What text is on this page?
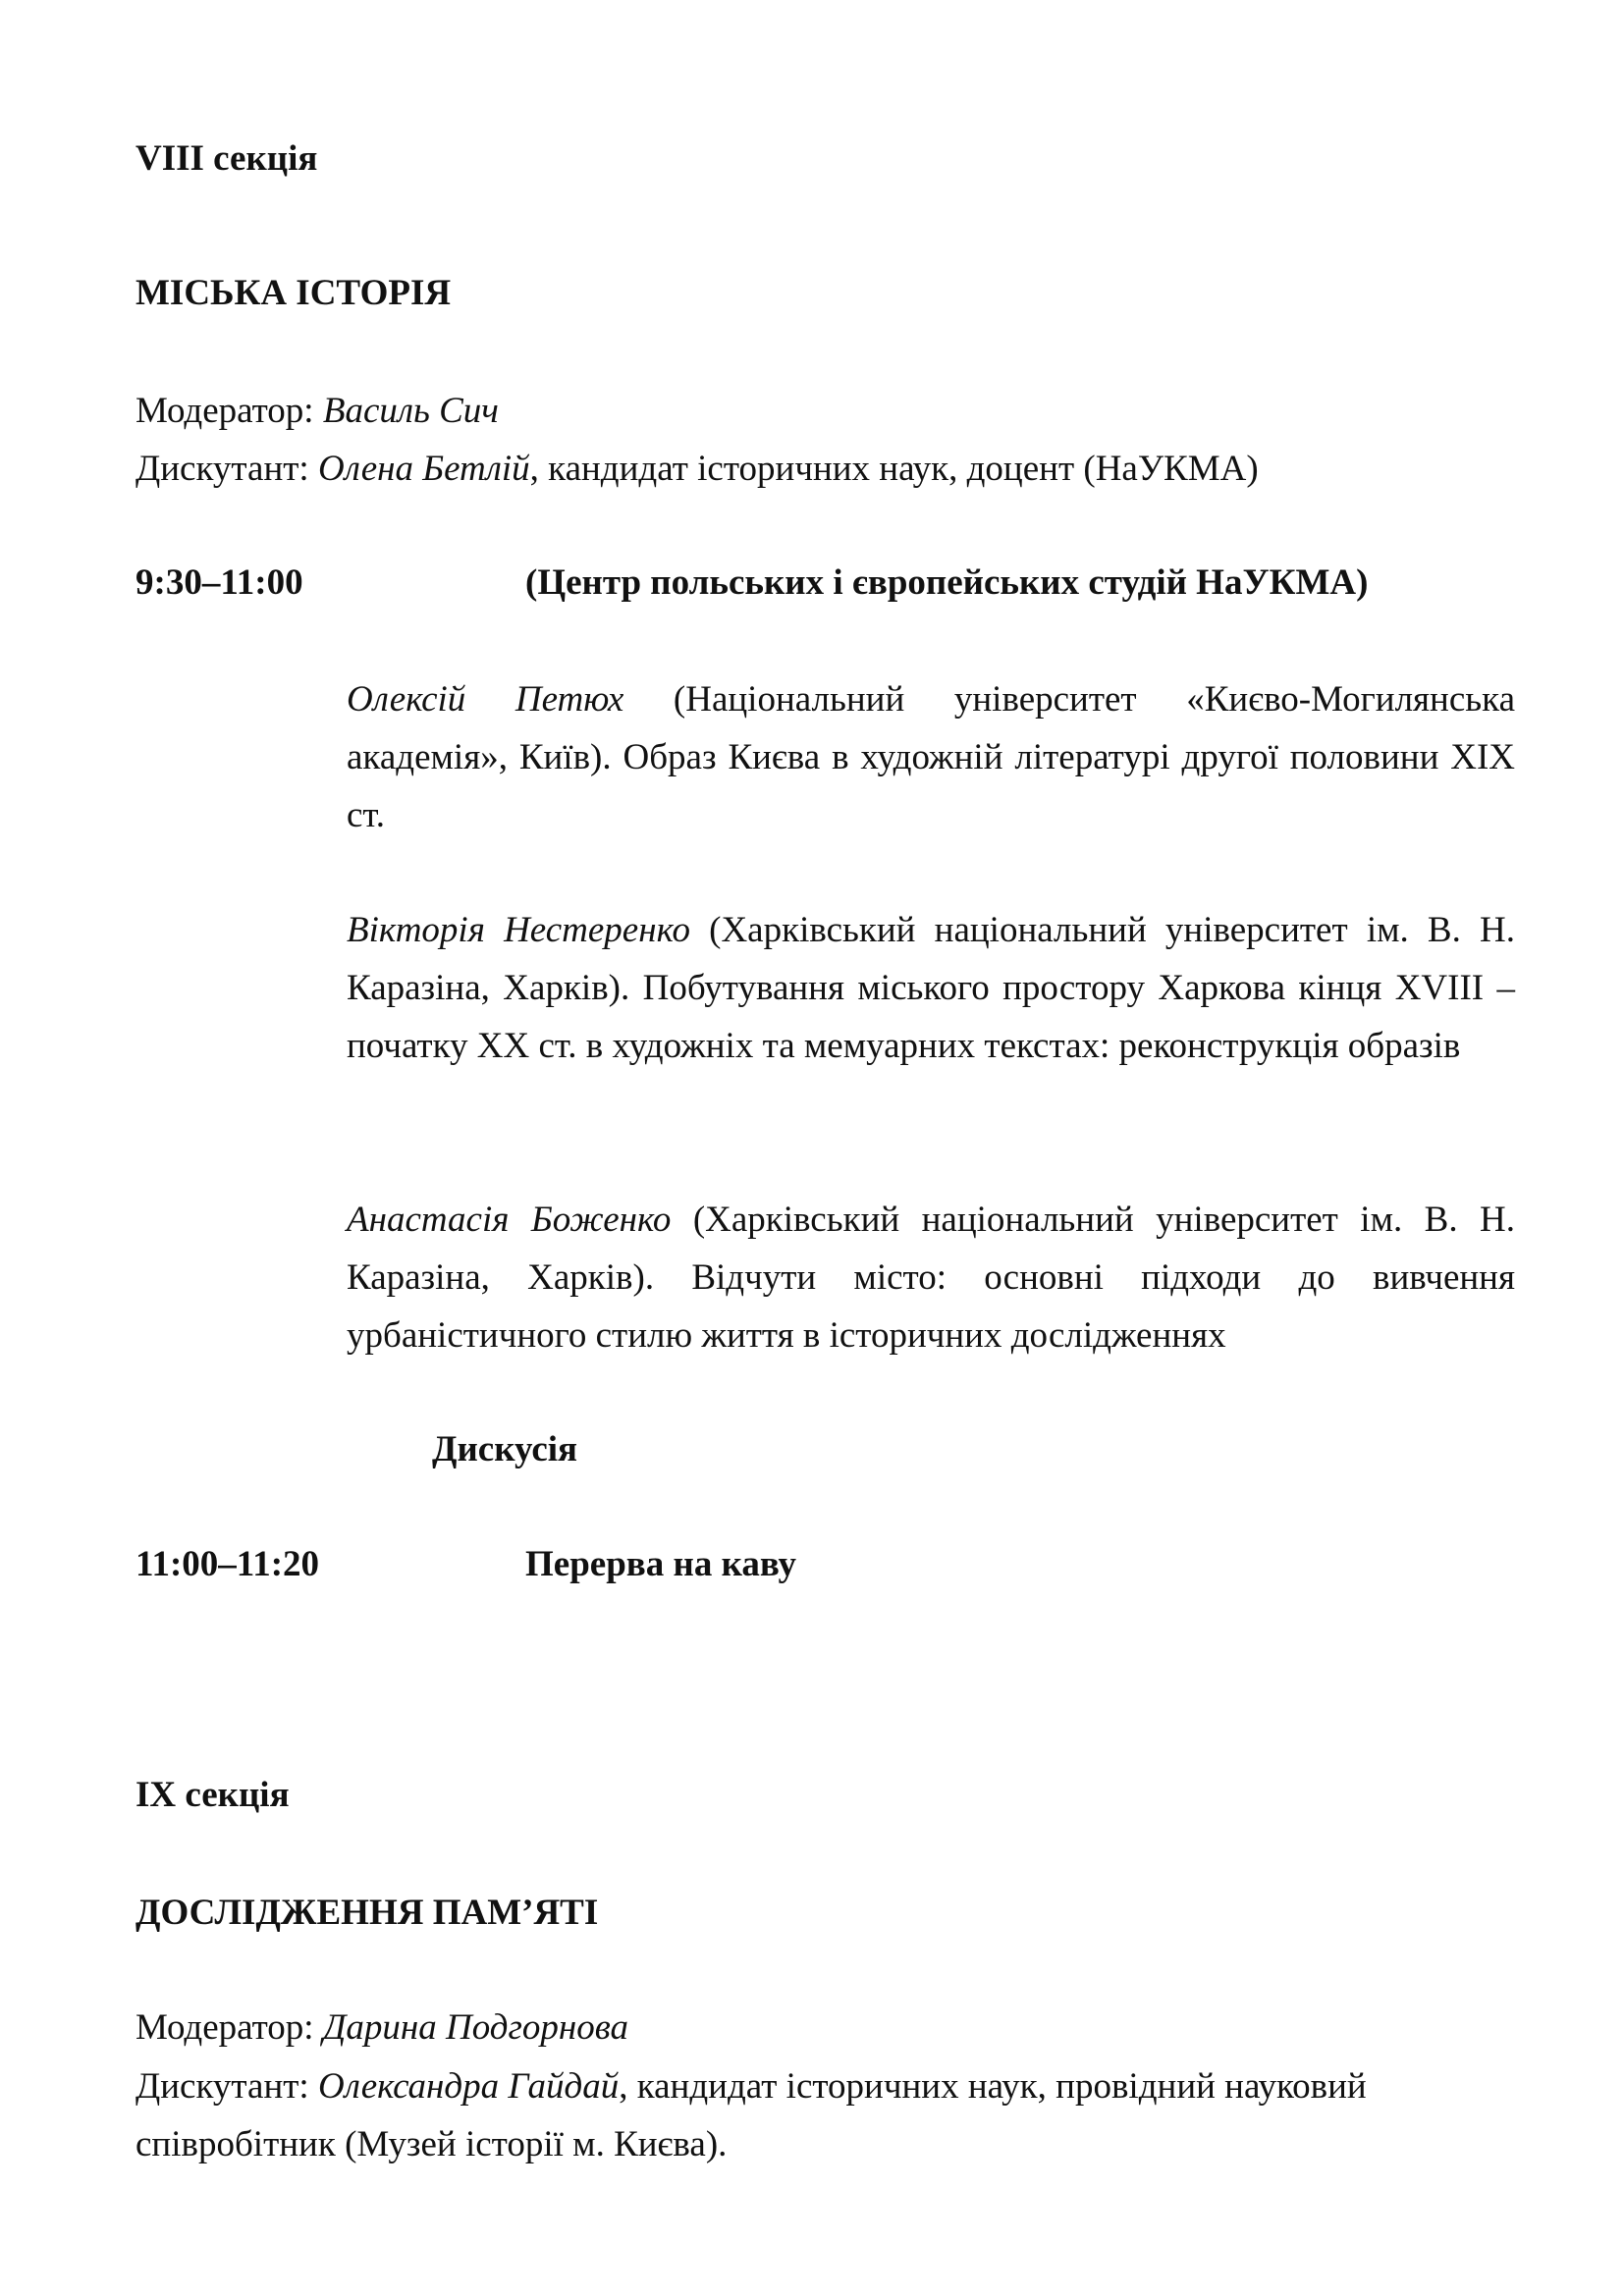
VIII секція

МІСЬКА ІСТОРІЯ

Модератор: Василь Сич

Дискутант: Олена Бетлій, кандидат історичних наук, доцент (НаУКМА)

9:30–11:00	(Центр польських і європейських студій НаУКМА)

Олексій Петюх (Національний університет «Києво-Могилянська академія», Київ). Образ Києва в художній літературі другої половини XIX ст.

Вікторія Нестеренко (Харківський національний університет ім. В. Н. Каразіна, Харків). Побутування міського простору Харкова кінця XVIII – початку XX ст. в художніх та мемуарних текстах: реконструкція образів

Анастасія Боженко (Харківський національний університет ім. В. Н. Каразіна, Харків). Відчути місто: основні підходи до вивчення урбаністичного стилю життя в історичних дослідженнях

Дискусія

11:00–11:20	Перерва на каву

IX секція

ДОСЛІДЖЕННЯ ПАМ’ЯТІ

Модератор: Дарина Подгорнова

Дискутант: Олександра Гайдай, кандидат історичних наук, провідний науковий

співробітник (Музей історії м. Києва).
